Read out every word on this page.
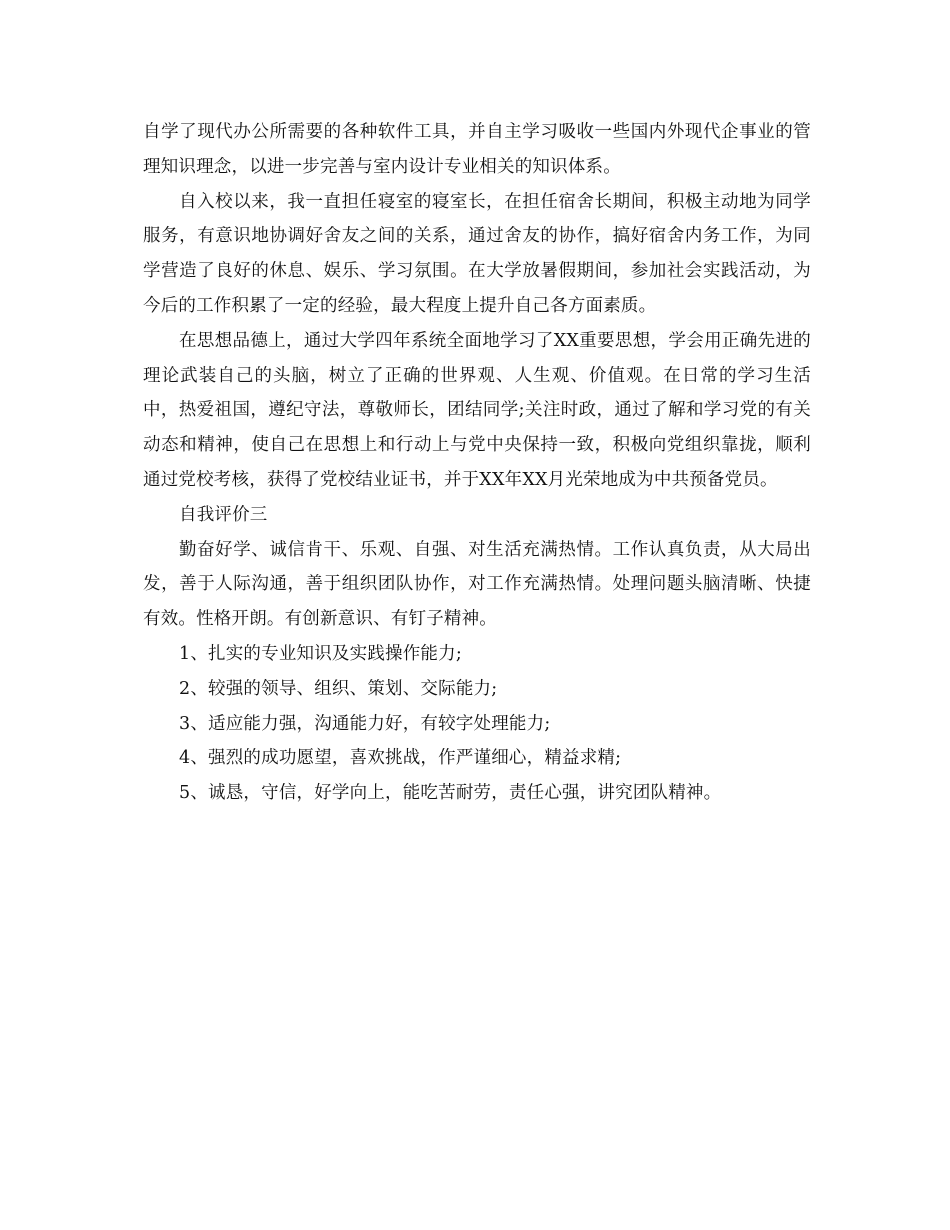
自学了现代办公所需要的各种软件工具，并自主学习吸收一些国内外现代企事业的管理知识理念，以进一步完善与室内设计专业相关的知识体系。

自入校以来，我一直担任寝室的寝室长，在担任宿舍长期间，积极主动地为同学服务，有意识地协调好舍友之间的关系，通过舍友的协作，搞好宿舍内务工作，为同学营造了良好的休息、娱乐、学习氛围。在大学放暑假期间，参加社会实践活动，为今后的工作积累了一定的经验，最大程度上提升自己各方面素质。

在思想品德上，通过大学四年系统全面地学习了XX重要思想，学会用正确先进的理论武装自己的头脑，树立了正确的世界观、人生观、价值观。在日常的学习生活中，热爱祖国，遵纪守法，尊敬师长，团结同学;关注时政，通过了解和学习党的有关动态和精神，使自己在思想上和行动上与党中央保持一致，积极向党组织靠拢，顺利通过党校考核，获得了党校结业证书，并于XX年XX月光荣地成为中共预备党员。

自我评价三

勤奋好学、诚信肯干、乐观、自强、对生活充满热情。工作认真负责，从大局出发，善于人际沟通，善于组织团队协作，对工作充满热情。处理问题头脑清晰、快捷有效。性格开朗。有创新意识、有钉子精神。

1、扎实的专业知识及实践操作能力;

2、较强的领导、组织、策划、交际能力;

3、适应能力强，沟通能力好，有较字处理能力;

4、强烈的成功愿望，喜欢挑战，作严谨细心，精益求精;

5、诚恳，守信，好学向上，能吃苦耐劳，责任心强，讲究团队精神。
